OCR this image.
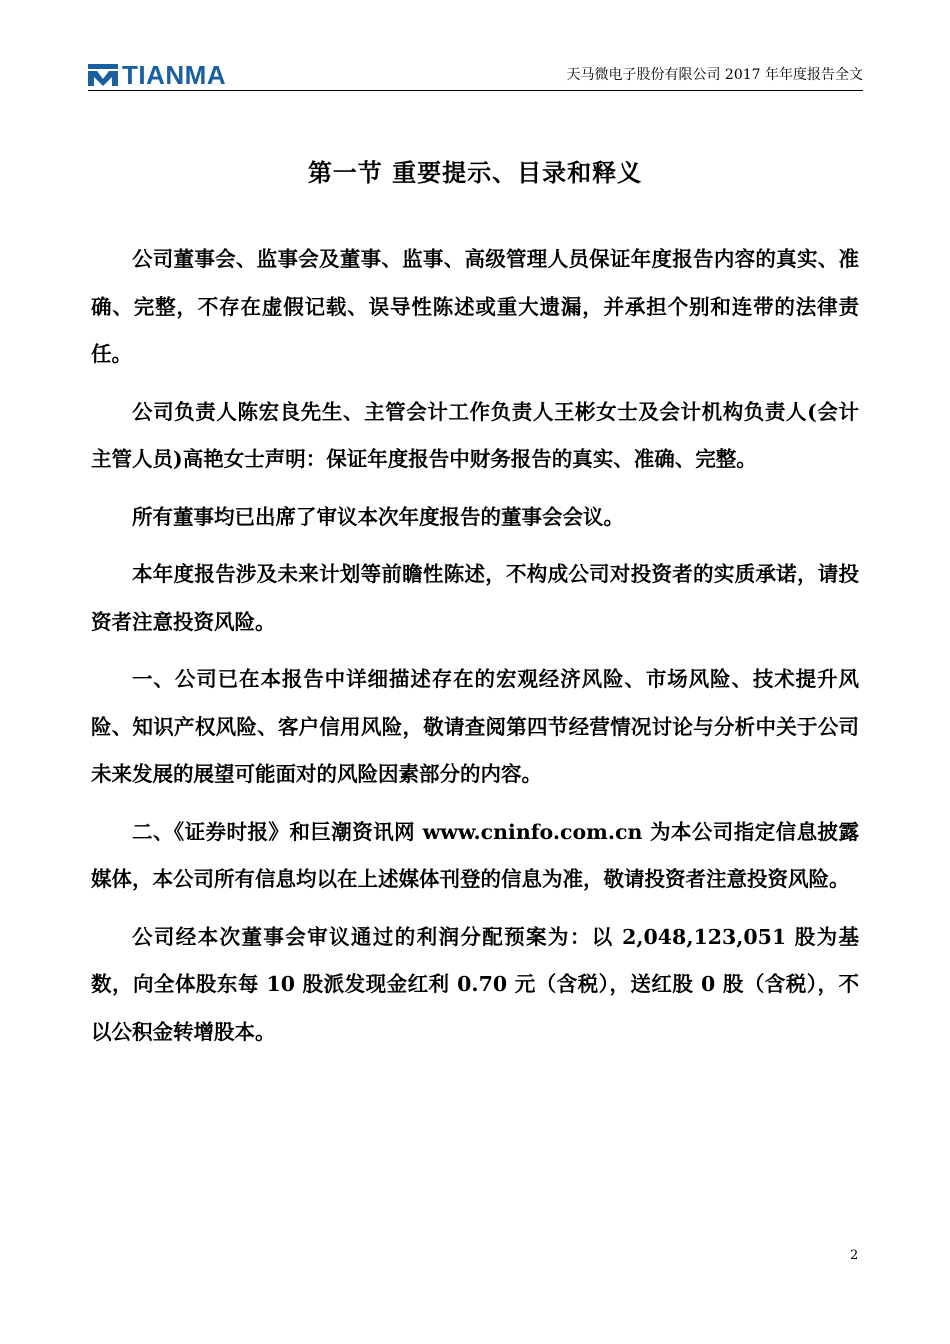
TIANMA	天马微电子股份有限公司 2017 年年度报告全文
第一节 重要提示、目录和释义

公司董事会、监事会及董事、监事、高级管理人员保证年度报告内容的真实、准确、完整，不存在虚假记载、误导性陈述或重大遗漏，并承担个别和连带的法律责任。

公司负责人陈宏良先生、主管会计工作负责人王彬女士及会计机构负责人(会计主管人员)高艳女士声明：保证年度报告中财务报告的真实、准确、完整。

所有董事均已出席了审议本次年度报告的董事会会议。

本年度报告涉及未来计划等前瞻性陈述，不构成公司对投资者的实质承诺，请投资者注意投资风险。

一、公司已在本报告中详细描述存在的宏观经济风险、市场风险、技术提升风险、知识产权风险、客户信用风险，敬请查阅第四节经营情况讨论与分析中关于公司未来发展的展望可能面对的风险因素部分的内容。

二、《证券时报》和巨潮资讯网 www.cninfo.com.cn 为本公司指定信息披露媒体，本公司所有信息均以在上述媒体刊登的信息为准，敬请投资者注意投资风险。

公司经本次董事会审议通过的利润分配预案为：以 2,048,123,051 股为基数，向全体股东每 10 股派发现金红利 0.70 元（含税），送红股 0 股（含税），不以公积金转增股本。

2
